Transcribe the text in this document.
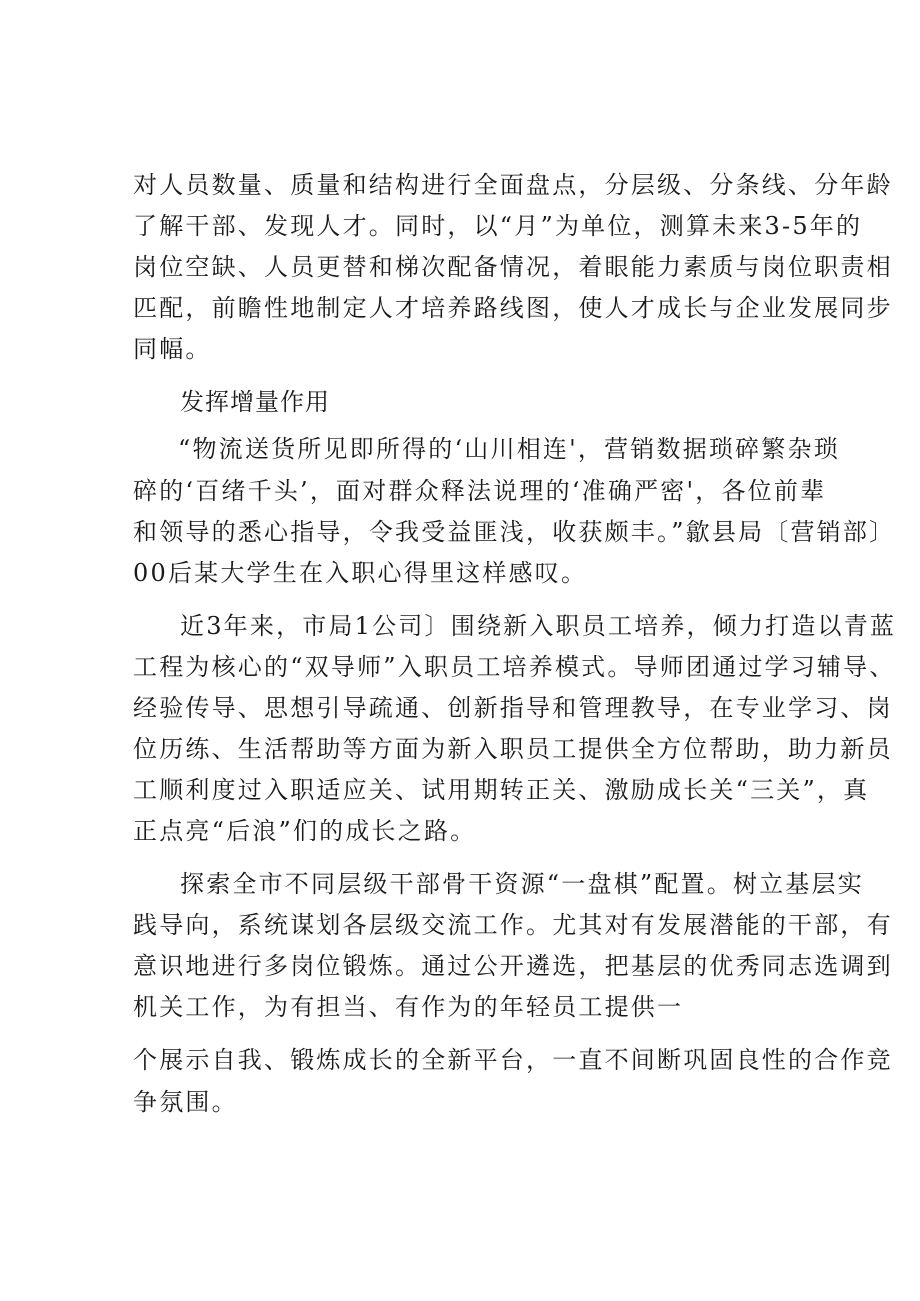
对人员数量、质量和结构进行全面盘点，分层级、分条线、分年龄
了解干部、发现人才。同时，以“月”为单位，测算未来3-5年的
岗位空缺、人员更替和梯次配备情况，着眼能力素质与岗位职责相
匹配，前瞻性地制定人才培养路线图，使人才成长与企业发展同步
同幅。
发挥增量作用
“物流送货所见即所得的‘山川相连'，营销数据琐碎繁杂琐
碎的‘百绪千头’，面对群众释法说理的‘准确严密'，各位前辈
和领导的悉心指导，令我受益匪浅，收获颇丰。”歙县局〔营销部〕
00后某大学生在入职心得里这样感叹。
近3年来，市局1公司〕围绕新入职员工培养，倾力打造以青蓝
工程为核心的“双导师”入职员工培养模式。导师团通过学习辅导、
经验传导、思想引导疏通、创新指导和管理教导，在专业学习、岗
位历练、生活帮助等方面为新入职员工提供全方位帮助，助力新员
工顺利度过入职适应关、试用期转正关、激励成长关“三关”，真
正点亮“后浪”们的成长之路。
探索全市不同层级干部骨干资源“一盘棋”配置。树立基层实
践导向，系统谋划各层级交流工作。尤其对有发展潜能的干部，有
意识地进行多岗位锻炼。通过公开遴选，把基层的优秀同志选调到
机关工作，为有担当、有作为的年轻员工提供一
个展示自我、锻炼成长的全新平台，一直不间断巩固良性的合作竞
争氛围。
